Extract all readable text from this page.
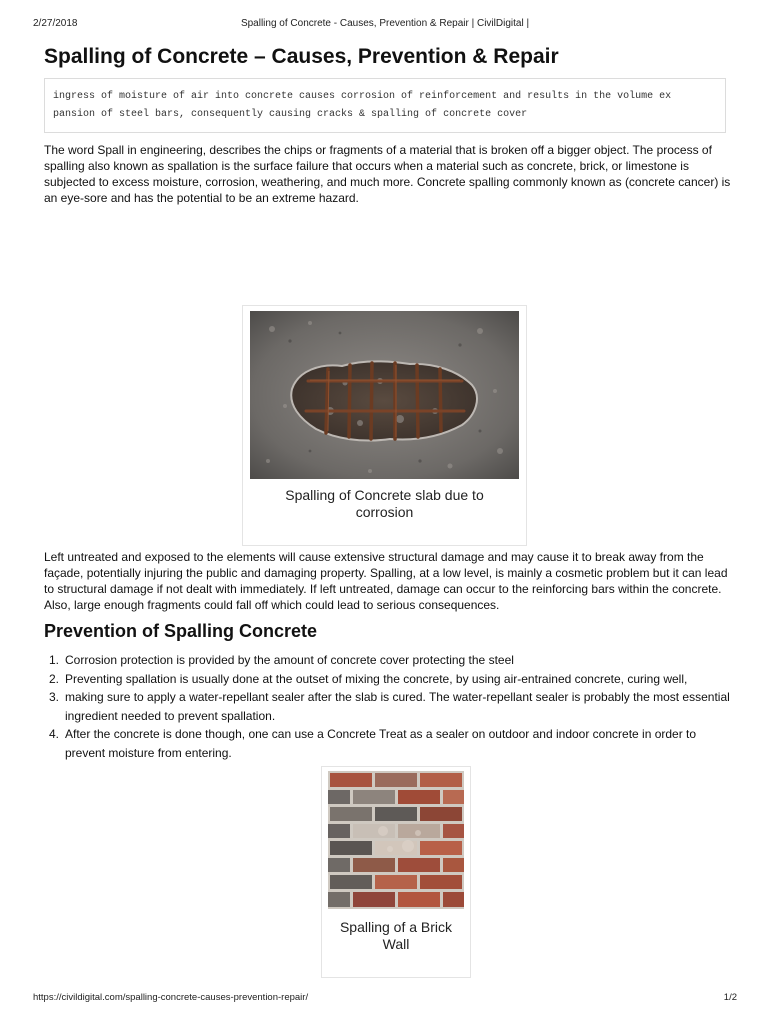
2/27/2018	Spalling of Concrete - Causes, Prevention & Repair | CivilDigital |
Spalling of Concrete – Causes, Prevention & Repair
ingress of moisture of air into concrete causes corrosion of reinforcement and results in the volume ex
pansion of steel bars, consequently causing cracks & spalling of concrete cover

The word Spall in engineering, describes the chips or fragments of a material that is broken off a bigger object. The process of spalling also known as spallation is the surface failure that occurs when a material such as concrete, brick, or limestone is subjected to excess moisture, corrosion, weathering, and much more. Concrete spalling commonly known as (concrete cancer) is an eye-sore and has the potential to be an extreme hazard.

Spalling of Concrete slab due to corrosion

Left untreated and exposed to the elements will cause extensive structural damage and may cause it to break away from the façade, potentially injuring the public and damaging property. Spalling, at a low level, is mainly a cosmetic problem but it can lead to structural damage if not dealt with immediately. If left untreated, damage can occur to the reinforcing bars within the concrete. Also, large enough fragments could fall off which could lead to serious consequences.

Prevention of Spalling Concrete
1. Corrosion protection is provided by the amount of concrete cover protecting the steel
2. Preventing spallation is usually done at the outset of mixing the concrete, by using air-entrained concrete, curing well,
3. making sure to apply a water-repellant sealer after the slab is cured. The water-repellant sealer is probably the most essential ingredient needed to prevent spallation.
4. After the concrete is done though, one can use a Concrete Treat as a sealer on outdoor and indoor concrete in order to prevent moisture from entering.
Spalling of a Brick Wall
https://civildigital.com/spalling-concrete-causes-prevention-repair/	1/2
